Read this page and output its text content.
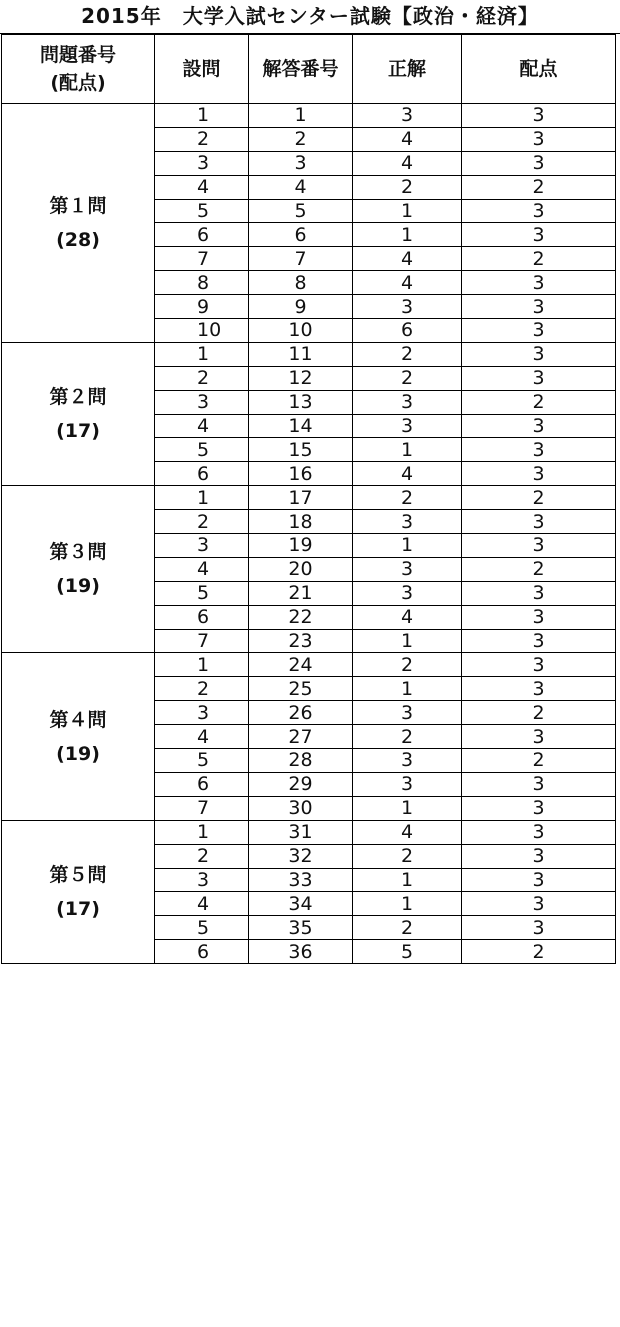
2015年　大学入試センター試験【政治・経済】
問題番号
(配点)	設問	解答番号	正解	配点

第１問
(28)	1	1	3	3
	2	2	4	3
	3	3	4	3
	4	4	2	2
	5	5	1	3
	6	6	1	3
	7	7	4	2
	8	8	4	3
	9	9	3	3
	10	10	6	3

第２問
(17)	1	11	2	3
	2	12	2	3
	3	13	3	2
	4	14	3	3
	5	15	1	3
	6	16	4	3

第３問
(19)	1	17	2	2
	2	18	3	3
	3	19	1	3
	4	20	3	2
	5	21	3	3
	6	22	4	3
	7	23	1	3

第４問
(19)	1	24	2	3
	2	25	1	3
	3	26	3	2
	4	27	2	3
	5	28	3	2
	6	29	3	3
	7	30	1	3

第５問
(17)	1	31	4	3
	2	32	2	3
	3	33	1	3
	4	34	1	3
	5	35	2	3
	6	36	5	2
